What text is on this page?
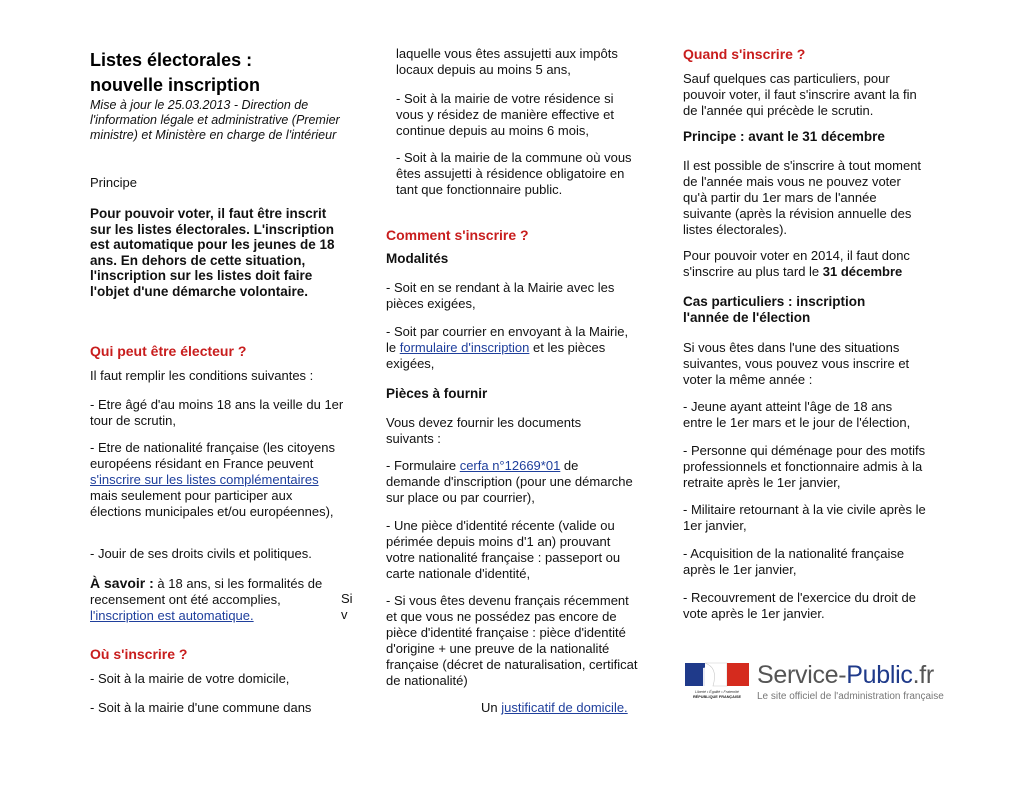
Listes électorales :
nouvelle inscription
Mise à jour le 25.03.2013 - Direction de l'information légale et administrative (Premier ministre) et Ministère en charge de l'intérieur
Principe
Pour pouvoir voter, il faut être inscrit sur les listes électorales. L'inscription est automatique pour les jeunes de 18 ans. En dehors de cette situation, l'inscription sur les listes doit faire l'objet d'une démarche volontaire.
Qui peut être électeur ?
Il faut remplir les conditions suivantes :
- Etre âgé d'au moins 18 ans la veille du 1er tour de scrutin,
- Etre de nationalité française (les citoyens européens résidant en France peuvent s'inscrire sur les listes complémentaires mais seulement pour participer aux élections municipales et/ou européennes),
- Jouir de ses droits civils et politiques.
À savoir : à 18 ans, si les formalités de recensement ont été accomplies,
l'inscription est automatique.
Si v
Où s'inscrire ?
- Soit à la mairie de votre domicile,
- Soit à la mairie d'une commune dans
laquelle vous êtes assujetti aux impôts locaux depuis au moins 5 ans,
- Soit à la mairie de votre résidence si vous y résidez de manière effective et continue depuis au moins 6 mois,
- Soit à la mairie de la commune où vous êtes assujetti à résidence obligatoire en tant que fonctionnaire public.
Comment s'inscrire ?
Modalités
- Soit en se rendant à la Mairie avec les pièces exigées,
- Soit par courrier en envoyant à la Mairie, le formulaire d'inscription et les pièces exigées,
Pièces à fournir
Vous devez fournir les documents suivants :
- Formulaire cerfa n°12669*01 de demande d'inscription (pour une démarche sur place ou par courrier),
- Une pièce d'identité récente (valide ou périmée depuis moins d'1 an) prouvant votre nationalité française : passeport ou carte nationale d'identité,
- Si vous êtes devenu français récemment et que vous ne possédez pas encore de pièce d'identité française : pièce d'identité d'origine + une preuve de la nationalité française (décret de naturalisation, certificat de nationalité)
Un justificatif de domicile.
Quand s'inscrire ?
Sauf quelques cas particuliers, pour pouvoir voter, il faut s'inscrire avant la fin de l'année qui précède le scrutin.
Principe : avant le 31 décembre
Il est possible de s'inscrire à tout moment de l'année mais vous ne pouvez voter qu'à partir du 1er mars de l'année suivante (après la révision annuelle des listes électorales).
Pour pouvoir voter en 2014, il faut donc s'inscrire au plus tard le 31 décembre
Cas particuliers : inscription l'année de l'élection
Si vous êtes dans l'une des situations suivantes, vous pouvez vous inscrire et voter la même année :
- Jeune ayant atteint l'âge de 18 ans entre le 1er mars et le jour de l'élection,
- Personne qui déménage pour des motifs professionnels et fonctionnaire admis à la retraite après le 1er janvier,
- Militaire retournant à la vie civile après le 1er janvier,
- Acquisition de la nationalité française après le 1er janvier,
- Recouvrement de l'exercice du droit de vote après le 1er janvier.
Liberté • Égalité • Fraternité
RÉPUBLIQUE FRANÇAISE
Service-Public.fr
Le site officiel de l'administration française
